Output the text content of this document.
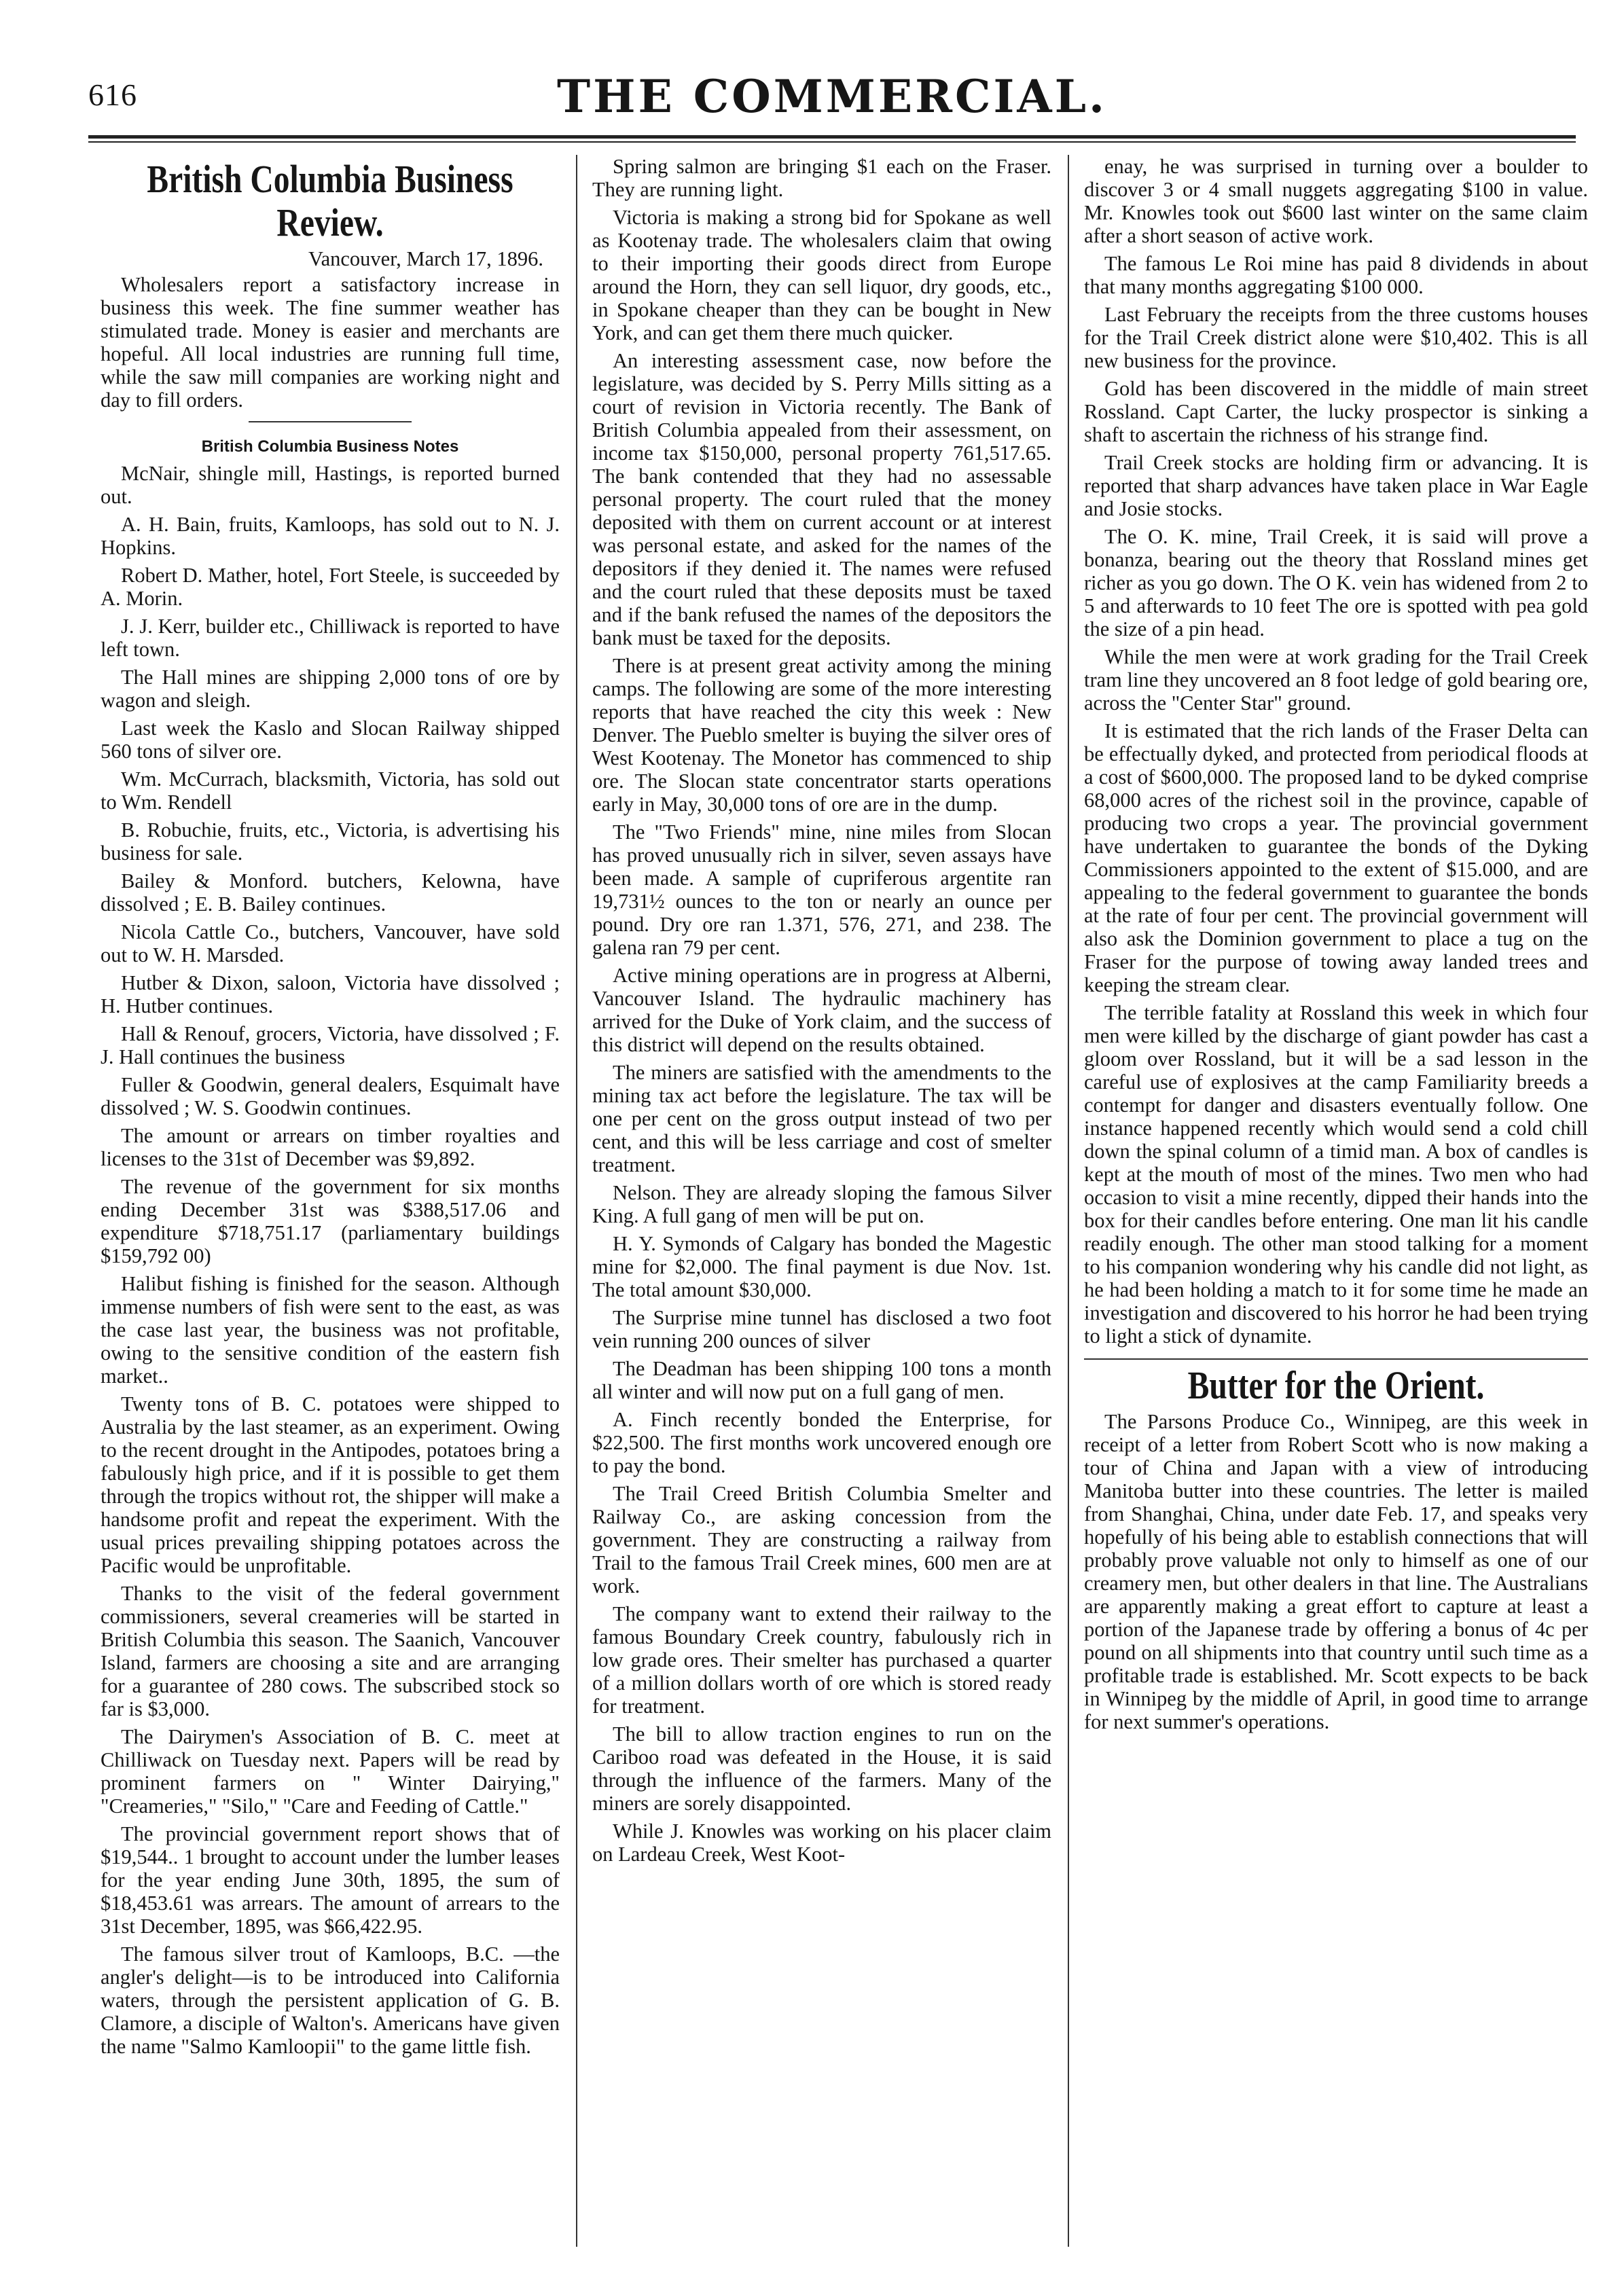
616	THE COMMERCIAL.
British Columbia Business Review.
Vancouver, March 17, 1896.

Wholesalers report a satisfactory increase in business this week. The fine summer weather has stimulated trade. Money is easier and merchants are hopeful. All local industries are running full time, while the saw mill companies are working night and day to fill orders.

British Columbia Business Notes

McNair, shingle mill, Hastings, is reported burned out.

A. H. Bain, fruits, Kamloops, has sold out to N. J. Hopkins.

Robert D. Mather, hotel, Fort Steele, is succeeded by A. Morin.

J. J. Kerr, builder etc., Chilliwack is reported to have left town.

The Hall mines are shipping 2,000 tons of ore by wagon and sleigh.

Last week the Kaslo and Slocan Railway shipped 560 tons of silver ore.

Wm. McCurrach, blacksmith, Victoria, has sold out to Wm. Rendell

B. Robuchie, fruits, etc., Victoria, is advertising his business for sale.

Bailey & Monford. butchers, Kelowna, have dissolved ; E. B. Bailey continues.

Nicola Cattle Co., butchers, Vancouver, have sold out to W. H. Marsded.

Hutber & Dixon, saloon, Victoria have dissolved ; H. Hutber continues.

Hall & Renouf, grocers, Victoria, have dissolved ; F. J. Hall continues the business

Fuller & Goodwin, general dealers, Esquimalt have dissolved ; W. S. Goodwin continues.

The amount or arrears on timber royalties and licenses to the 31st of December was $9,892.

The revenue of the government for six months ending December 31st was $388,517.06 and expenditure $718,751.17 (parliamentary buildings $159,792 00)

Halibut fishing is finished for the season. Although immense numbers of fish were sent to the east, as was the case last year, the business was not profitable, owing to the sensitive condition of the eastern fish market..

Twenty tons of B. C. potatoes were shipped to Australia by the last steamer, as an experiment. Owing to the recent drought in the Antipodes, potatoes bring a fabulously high price, and if it is possible to get them through the tropics without rot, the shipper will make a handsome profit and repeat the experiment. With the usual prices prevailing shipping potatoes across the Pacific would be unprofitable.

Thanks to the visit of the federal government commissioners, several creameries will be started in British Columbia this season. The Saanich, Vancouver Island, farmers are choosing a site and are arranging for a guarantee of 280 cows. The subscribed stock so far is $3,000.

The Dairymen's Association of B. C. meet at Chilliwack on Tuesday next. Papers will be read by prominent farmers on " Winter Dairying," "Creameries," "Silo," "Care and Feeding of Cattle."

The provincial government report shows that of $19,544.. 1 brought to account under the lumber leases for the year ending June 30th, 1895, the sum of $18,453.61 was arrears. The amount of arrears to the 31st December, 1895, was $66,422.95.

The famous silver trout of Kamloops, B.C. —the angler's delight—is to be introduced into California waters, through the persistent application of G. B. Clamore, a disciple of Walton's. Americans have given the name "Salmo Kamloopii" to the game little fish.

Spring salmon are bringing $1 each on the Fraser. They are running light.

Victoria is making a strong bid for Spokane as well as Kootenay trade. The wholesalers claim that owing to their importing their goods direct from Europe around the Horn, they can sell liquor, dry goods, etc., in Spokane cheaper than they can be bought in New York, and can get them there much quicker.

An interesting assessment case, now before the legislature, was decided by S. Perry Mills sitting as a court of revision in Victoria recently. The Bank of British Columbia appealed from their assessment, on income tax $150,000, personal property 761,517.65. The bank contended that they had no assessable personal property. The court ruled that the money deposited with them on current account or at interest was personal estate, and asked for the names of the depositors if they denied it. The names were refused and the court ruled that these deposits must be taxed and if the bank refused the names of the depositors the bank must be taxed for the deposits.

There is at present great activity among the mining camps. The following are some of the more interesting reports that have reached the city this week : New Denver. The Pueblo smelter is buying the silver ores of West Kootenay. The Monetor has commenced to ship ore. The Slocan state concentrator starts operations early in May, 30,000 tons of ore are in the dump.

The "Two Friends" mine, nine miles from Slocan has proved unusually rich in silver, seven assays have been made. A sample of cupriferous argentite ran 19,731½ ounces to the ton or nearly an ounce per pound. Dry ore ran 1.371, 576, 271, and 238. The galena ran 79 per cent.

Active mining operations are in progress at Alberni, Vancouver Island. The hydraulic machinery has arrived for the Duke of York claim, and the success of this district will depend on the results obtained.

The miners are satisfied with the amendments to the mining tax act before the legislature. The tax will be one per cent on the gross output instead of two per cent, and this will be less carriage and cost of smelter treatment.

Nelson. They are already sloping the famous Silver King. A full gang of men will be put on.

H. Y. Symonds of Calgary has bonded the Magestic mine for $2,000. The final payment is due Nov. 1st. The total amount $30,000.

The Surprise mine tunnel has disclosed a two foot vein running 200 ounces of silver

The Deadman has been shipping 100 tons a month all winter and will now put on a full gang of men.

A. Finch recently bonded the Enterprise, for $22,500. The first months work uncovered enough ore to pay the bond.

The Trail Creed British Columbia Smelter and Railway Co., are asking concession from the government. They are constructing a railway from Trail to the famous Trail Creek mines, 600 men are at work.

The company want to extend their railway to the famous Boundary Creek country, fabulously rich in low grade ores. Their smelter has purchased a quarter of a million dollars worth of ore which is stored ready for treatment.

The bill to allow traction engines to run on the Cariboo road was defeated in the House, it is said through the influence of the farmers. Many of the miners are sorely disappointed.

While J. Knowles was working on his placer claim on Lardeau Creek, West Koot-

enay, he was surprised in turning over a boulder to discover 3 or 4 small nuggets aggregating $100 in value. Mr. Knowles took out $600 last winter on the same claim after a short season of active work.

The famous Le Roi mine has paid 8 dividends in about that many months aggregating $100 000.

Last February the receipts from the three customs houses for the Trail Creek district alone were $10,402. This is all new business for the province.

Gold has been discovered in the middle of main street Rossland. Capt Carter, the lucky prospector is sinking a shaft to ascertain the richness of his strange find.

Trail Creek stocks are holding firm or advancing. It is reported that sharp advances have taken place in War Eagle and Josie stocks.

The O. K. mine, Trail Creek, it is said will prove a bonanza, bearing out the theory that Rossland mines get richer as you go down. The O K. vein has widened from 2 to 5 and afterwards to 10 feet The ore is spotted with pea gold the size of a pin head.

While the men were at work grading for the Trail Creek tram line they uncovered an 8 foot ledge of gold bearing ore, across the "Center Star" ground.

It is estimated that the rich lands of the Fraser Delta can be effectually dyked, and protected from periodical floods at a cost of $600,000. The proposed land to be dyked comprise 68,000 acres of the richest soil in the province, capable of producing two crops a year. The provincial government have undertaken to guarantee the bonds of the Dyking Commissioners appointed to the extent of $15.000, and are appealing to the federal government to guarantee the bonds at the rate of four per cent. The provincial government will also ask the Dominion government to place a tug on the Fraser for the purpose of towing away landed trees and keeping the stream clear.

The terrible fatality at Rossland this week in which four men were killed by the discharge of giant powder has cast a gloom over Rossland, but it will be a sad lesson in the careful use of explosives at the camp Familiarity breeds a contempt for danger and disasters eventually follow. One instance happened recently which would send a cold chill down the spinal column of a timid man. A box of candles is kept at the mouth of most of the mines. Two men who had occasion to visit a mine recently, dipped their hands into the box for their candles before entering. One man lit his candle readily enough. The other man stood talking for a moment to his companion wondering why his candle did not light, as he had been holding a match to it for some time he made an investigation and discovered to his horror he had been trying to light a stick of dynamite.

Butter for the Orient.

The Parsons Produce Co., Winnipeg, are this week in receipt of a letter from Robert Scott who is now making a tour of China and Japan with a view of introducing Manitoba butter into these countries. The letter is mailed from Shanghai, China, under date Feb. 17, and speaks very hopefully of his being able to establish connections that will probably prove valuable not only to himself as one of our creamery men, but other dealers in that line. The Australians are apparently making a great effort to capture at least a portion of the Japanese trade by offering a bonus of 4c per pound on all shipments into that country until such time as a profitable trade is established. Mr. Scott expects to be back in Winnipeg by the middle of April, in good time to arrange for next summer's operations.
